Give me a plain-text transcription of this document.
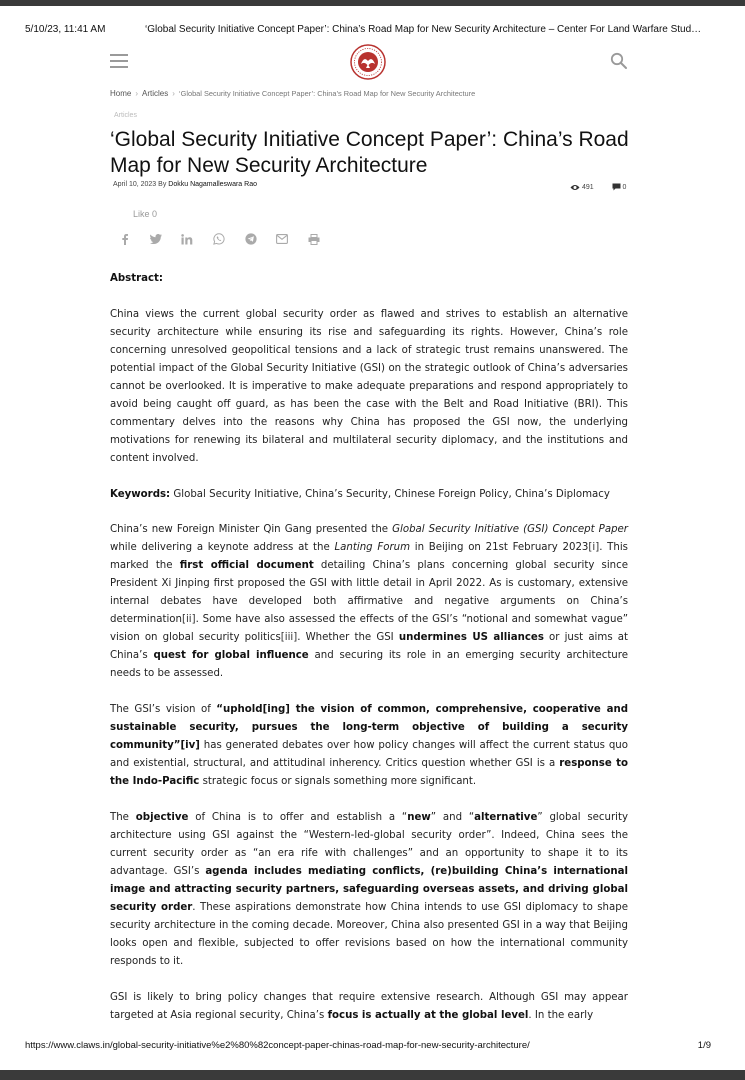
5/10/23, 11:41 AM	‘Global Security Initiative Concept Paper’: China’s Road Map for New Security Architecture – Center For Land Warfare Stud…
Home › Articles › ‘Global Security Initiative Concept Paper’: China’s Road Map for New Security Architecture
Articles
‘Global Security Initiative Concept Paper’: China’s Road Map for New Security Architecture
April 10, 2023 By Dokku Nagamalleswara Rao	491	0
Like 0

Abstract:

China views the current global security order as flawed and strives to establish an alternative security architecture while ensuring its rise and safeguarding its rights. However, China’s role concerning unresolved geopolitical tensions and a lack of strategic trust remains unanswered. The potential impact of the Global Security Initiative (GSI) on the strategic outlook of China’s adversaries cannot be overlooked. It is imperative to make adequate preparations and respond appropriately to avoid being caught off guard, as has been the case with the Belt and Road Initiative (BRI). This commentary delves into the reasons why China has proposed the GSI now, the underlying motivations for renewing its bilateral and multilateral security diplomacy, and the institutions and content involved.

Keywords: Global Security Initiative, China’s Security, Chinese Foreign Policy, China’s Diplomacy

China’s new Foreign Minister Qin Gang presented the Global Security Initiative (GSI) Concept Paper while delivering a keynote address at the Lanting Forum in Beijing on 21st February 2023[i]. This marked the first official document detailing China’s plans concerning global security since President Xi Jinping first proposed the GSI with little detail in April 2022. As is customary, extensive internal debates have developed both affirmative and negative arguments on China’s determination[ii]. Some have also assessed the effects of the GSI’s “notional and somewhat vague” vision on global security politics[iii]. Whether the GSI undermines US alliances or just aims at China’s quest for global influence and securing its role in an emerging security architecture needs to be assessed.

The GSI’s vision of “uphold[ing] the vision of common, comprehensive, cooperative and sustainable security, pursues the long-term objective of building a security community”[iv] has generated debates over how policy changes will affect the current status quo and existential, structural, and attitudinal inherency. Critics question whether GSI is a response to the Indo-Pacific strategic focus or signals something more significant.

The objective of China is to offer and establish a “new” and “alternative” global security architecture using GSI against the “Western-led-global security order”. Indeed, China sees the current security order as “an era rife with challenges” and an opportunity to shape it to its advantage. GSI’s agenda includes mediating conflicts, (re)building China’s international image and attracting security partners, safeguarding overseas assets, and driving global security order. These aspirations demonstrate how China intends to use GSI diplomacy to shape security architecture in the coming decade. Moreover, China also presented GSI in a way that Beijing looks open and flexible, subjected to offer revisions based on how the international community responds to it.

GSI is likely to bring policy changes that require extensive research. Although GSI may appear targeted at Asia regional security, China’s focus is actually at the global level. In the early

https://www.claws.in/global-security-initiative%e2%80%82concept-paper-chinas-road-map-for-new-security-architecture/	1/9
